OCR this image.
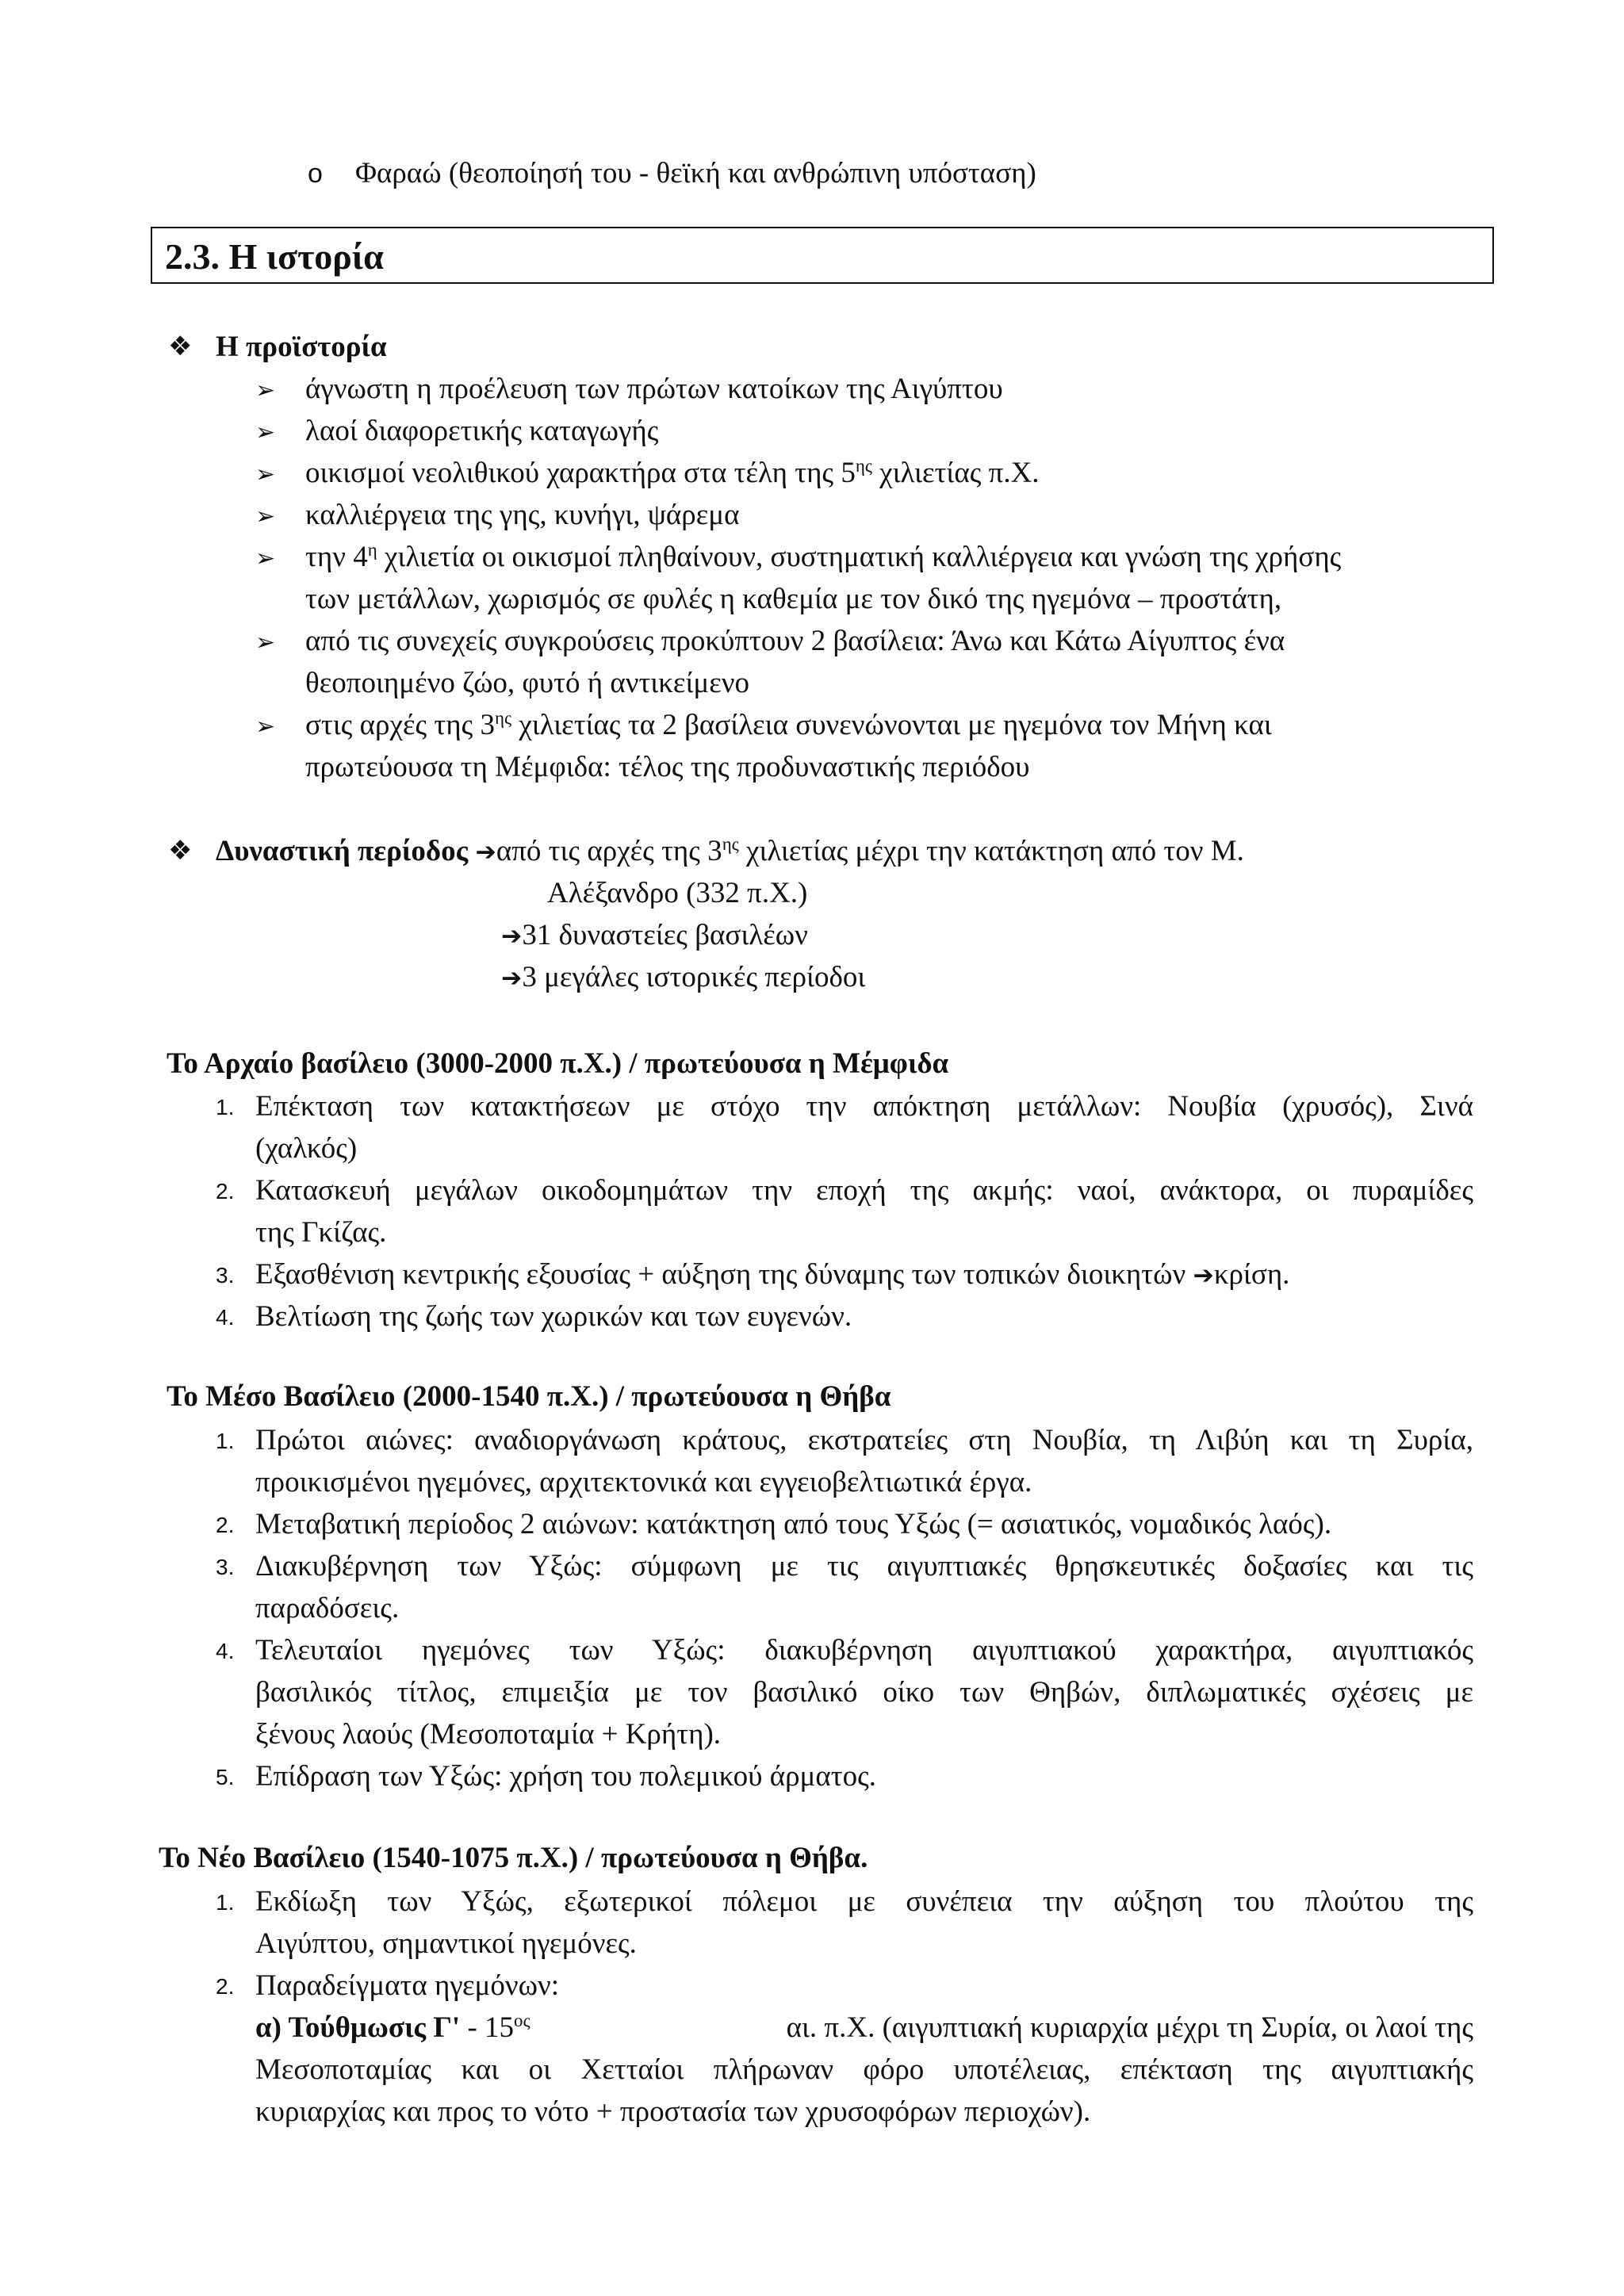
o Φαραώ (θεοποίησή του - θεϊκή και ανθρώπινη υπόσταση)
2.3. Η ιστορία
❖ Η προϊστορία
➢ άγνωστη η προέλευση των πρώτων κατοίκων της Αιγύπτου
➢ λαοί διαφορετικής καταγωγής
➢ οικισμοί νεολιθικού χαρακτήρα στα τέλη της $5^{\eta\varsigma}$ χιλιετίας π.Χ.
➢ καλλιέργεια της γης, κυνήγι, ψάρεμα
➢ την $4^\eta$ χιλιετία οι οικισμοί πληθαίνουν, συστηματική καλλιέργεια και γνώση της χρήσης
των μετάλλων, χωρισμός σε φυλές η καθεμία με τον δικό της ηγεμόνα – προστάτη,
➢ από τις συνεχείς συγκρούσεις προκύπτουν 2 βασίλεια: Άνω και Κάτω Αίγυπτος ένα
θεοποιημένο ζώο, φυτό ή αντικείμενο
➢ στις αρχές της $3^{\eta\varsigma}$ χιλιετίας τα 2 βασίλεια συνενώνονται με ηγεμόνα τον Μήνη και
πρωτεύουσα τη Μέμφιδα: τέλος της προδυναστικής περιόδου
❖ Δυναστική περίοδος ➔από τις αρχές της $3^{\eta\varsigma}$ χιλιετίας μέχρι την κατάκτηση από τον Μ.
Αλέξανδρο (332 π.Χ.)
➔31 δυναστείες βασιλέων
➔3 μεγάλες ιστορικές περίοδοι
Το Αρχαίο βασίλειο (3000-2000 π.Χ.) / πρωτεύουσα η Μέμφιδα
1. Επέκταση των κατακτήσεων με στόχο την απόκτηση μετάλλων: Νουβία (χρυσός), Σινά
(χαλκός)
2. Κατασκευή μεγάλων οικοδομημάτων την εποχή της ακμής: ναοί, ανάκτορα, οι πυραμίδες
της Γκίζας.
3. Εξασθένιση κεντρικής εξουσίας + αύξηση της δύναμης των τοπικών διοικητών ➔κρίση.
4. Βελτίωση της ζωής των χωρικών και των ευγενών.
Το Μέσο Βασίλειο (2000-1540 π.Χ.) / πρωτεύουσα η Θήβα
1. Πρώτοι αιώνες: αναδιοργάνωση κράτους, εκστρατείες στη Νουβία, τη Λιβύη και τη Συρία,
προικισμένοι ηγεμόνες, αρχιτεκτονικά και εγγειοβελτιωτικά έργα.
2. Μεταβατική περίοδος 2 αιώνων: κατάκτηση από τους Υξώς (= ασιατικός, νομαδικός λαός).
3. Διακυβέρνηση των Υξώς: σύμφωνη με τις αιγυπτιακές θρησκευτικές δοξασίες και τις
παραδόσεις.
4. Τελευταίοι ηγεμόνες των Υξώς: διακυβέρνηση αιγυπτιακού χαρακτήρα, αιγυπτιακός
βασιλικός τίτλος, επιμειξία με τον βασιλικό οίκο των Θηβών, διπλωματικές σχέσεις με
ξένους λαούς (Μεσοποταμία + Κρήτη).
5. Επίδραση των Υξώς: χρήση του πολεμικού άρματος.
Το Νέο Βασίλειο (1540-1075 π.Χ.) / πρωτεύουσα η Θήβα.
1. Εκδίωξη των Υξώς, εξωτερικοί πόλεμοι με συνέπεια την αύξηση του πλούτου της
Αιγύπτου, σημαντικοί ηγεμόνες.
2. Παραδείγματα ηγεμόνων:
α) Τούθμωσις Γ' - $15^{o\varsigma}$	αι. π.Χ. (αιγυπτιακή κυριαρχία μέχρι τη Συρία, οι λαοί της
Μεσοποταμίας και οι Χετταίοι πλήρωναν φόρο υποτέλειας, επέκταση της αιγυπτιακής
κυριαρχίας και προς το νότο + προστασία των χρυσοφόρων περιοχών).
